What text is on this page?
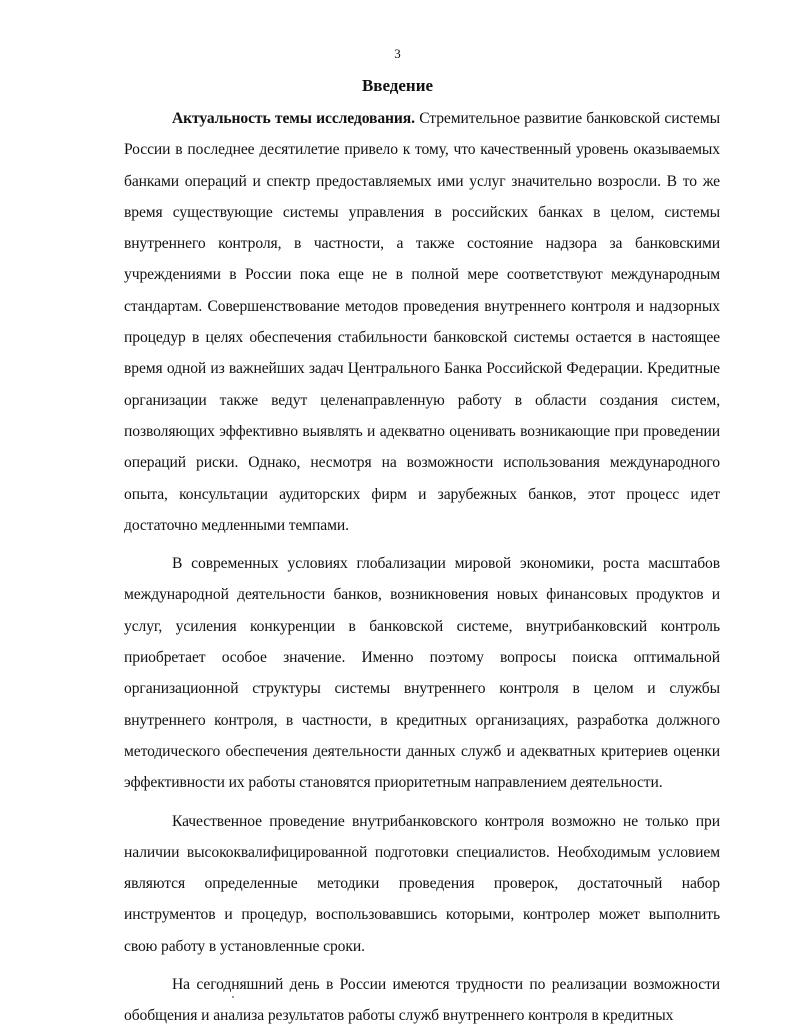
3
Введение

Актуальность темы исследования. Стремительное развитие банковской системы России в последнее десятилетие привело к тому, что качественный уровень оказываемых банками операций и спектр предоставляемых ими услуг значительно возросли. В то же время существующие системы управления в российских банках в целом, системы внутреннего контроля, в частности, а также состояние надзора за банковскими учреждениями в России пока еще не в полной мере соответствуют международным стандартам. Совершенствование методов проведения внутреннего контроля и надзорных процедур в целях обеспечения стабильности банковской системы остается в настоящее время одной из важнейших задач Центрального Банка Российской Федерации. Кредитные организации также ведут целенаправленную работу в области создания систем, позволяющих эффективно выявлять и адекватно оценивать возникающие при проведении операций риски. Однако, несмотря на возможности использования международного опыта, консультации аудиторских фирм и зарубежных банков, этот процесс идет достаточно медленными темпами.

В современных условиях глобализации мировой экономики, роста масштабов международной деятельности банков, возникновения новых финансовых продуктов и услуг, усиления конкуренции в банковской системе, внутрибанковский контроль приобретает особое значение. Именно поэтому вопросы поиска оптимальной организационной структуры системы внутреннего контроля в целом и службы внутреннего контроля, в частности, в кредитных организациях, разработка должного методического обеспечения деятельности данных служб и адекватных критериев оценки эффективности их работы становятся приоритетным направлением деятельности.

Качественное проведение внутрибанковского контроля возможно не только при наличии высококвалифицированной подготовки специалистов. Необходимым условием являются определенные методики проведения проверок, достаточный набор инструментов и процедур, воспользовавшись которыми, контролер может выполнить свою работу в установленные сроки.

На сегодняшний день в России имеются трудности по реализации возможности обобщения и анализа результатов работы служб внутреннего контроля в кредитных
